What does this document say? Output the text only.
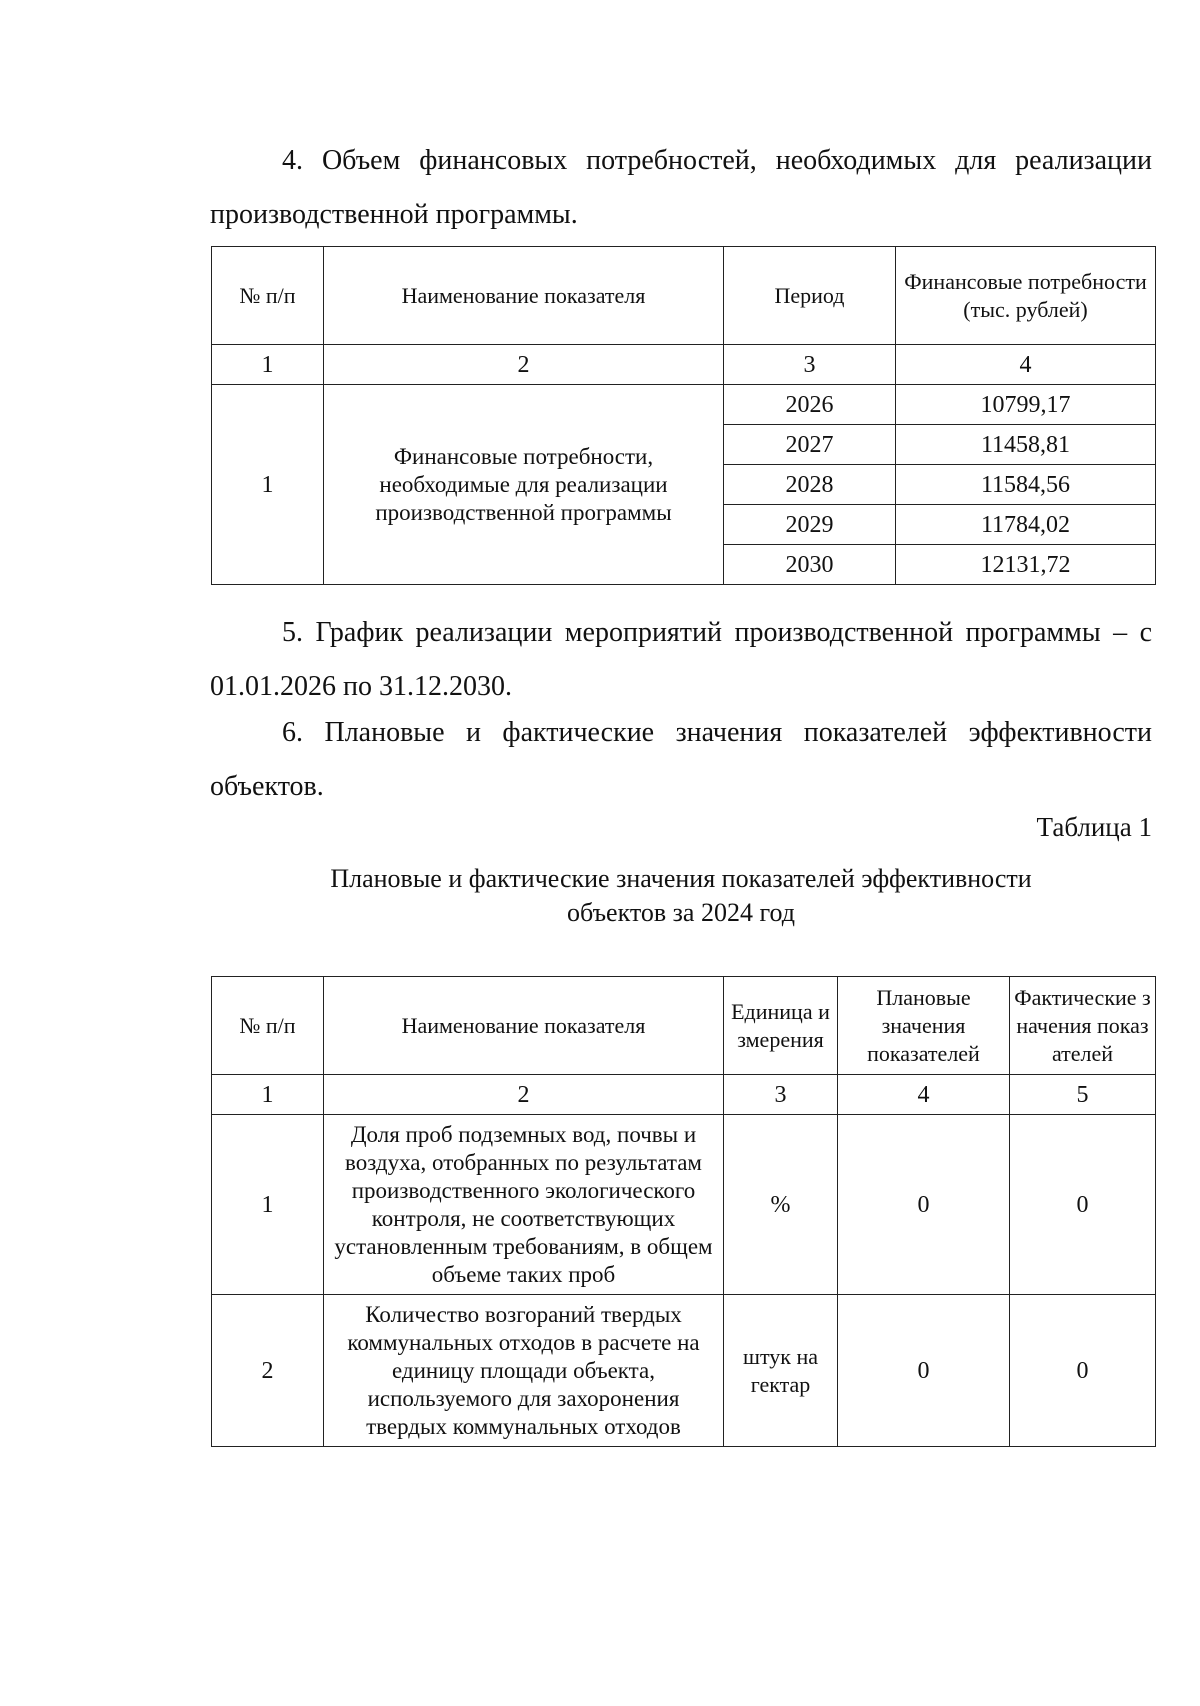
4. Объем финансовых потребностей, необходимых для реализации производственной программы.

№ п/п	Наименование показателя	Период	Финансовые потребности (тыс. рублей)
1	2	3	4
1	Финансовые потребности, необходимые для реализации производственной программы	2026	10799,17
		2027	11458,81
		2028	11584,56
		2029	11784,02
		2030	12131,72

5. График реализации мероприятий производственной программы – с 01.01.2026 по 31.12.2030.

6. Плановые и фактические значения показателей эффективности объектов.

Таблица 1
Плановые и фактические значения показателей эффективности
объектов за 2024 год
№ п/п	Наименование показателя	Единица измерения	Плановые значения показателей	Фактические значения показателей
1	2	3	4	5
1	Доля проб подземных вод, почвы и воздуха, отобранных по результатам производственного экологического контроля, не соответствующих установленным требованиям, в общем объеме таких проб	%	0	0
2	Количество возгораний твердых коммунальных отходов в расчете на единицу площади объекта, используемого для захоронения твердых коммунальных отходов	штук на гектар	0	0
